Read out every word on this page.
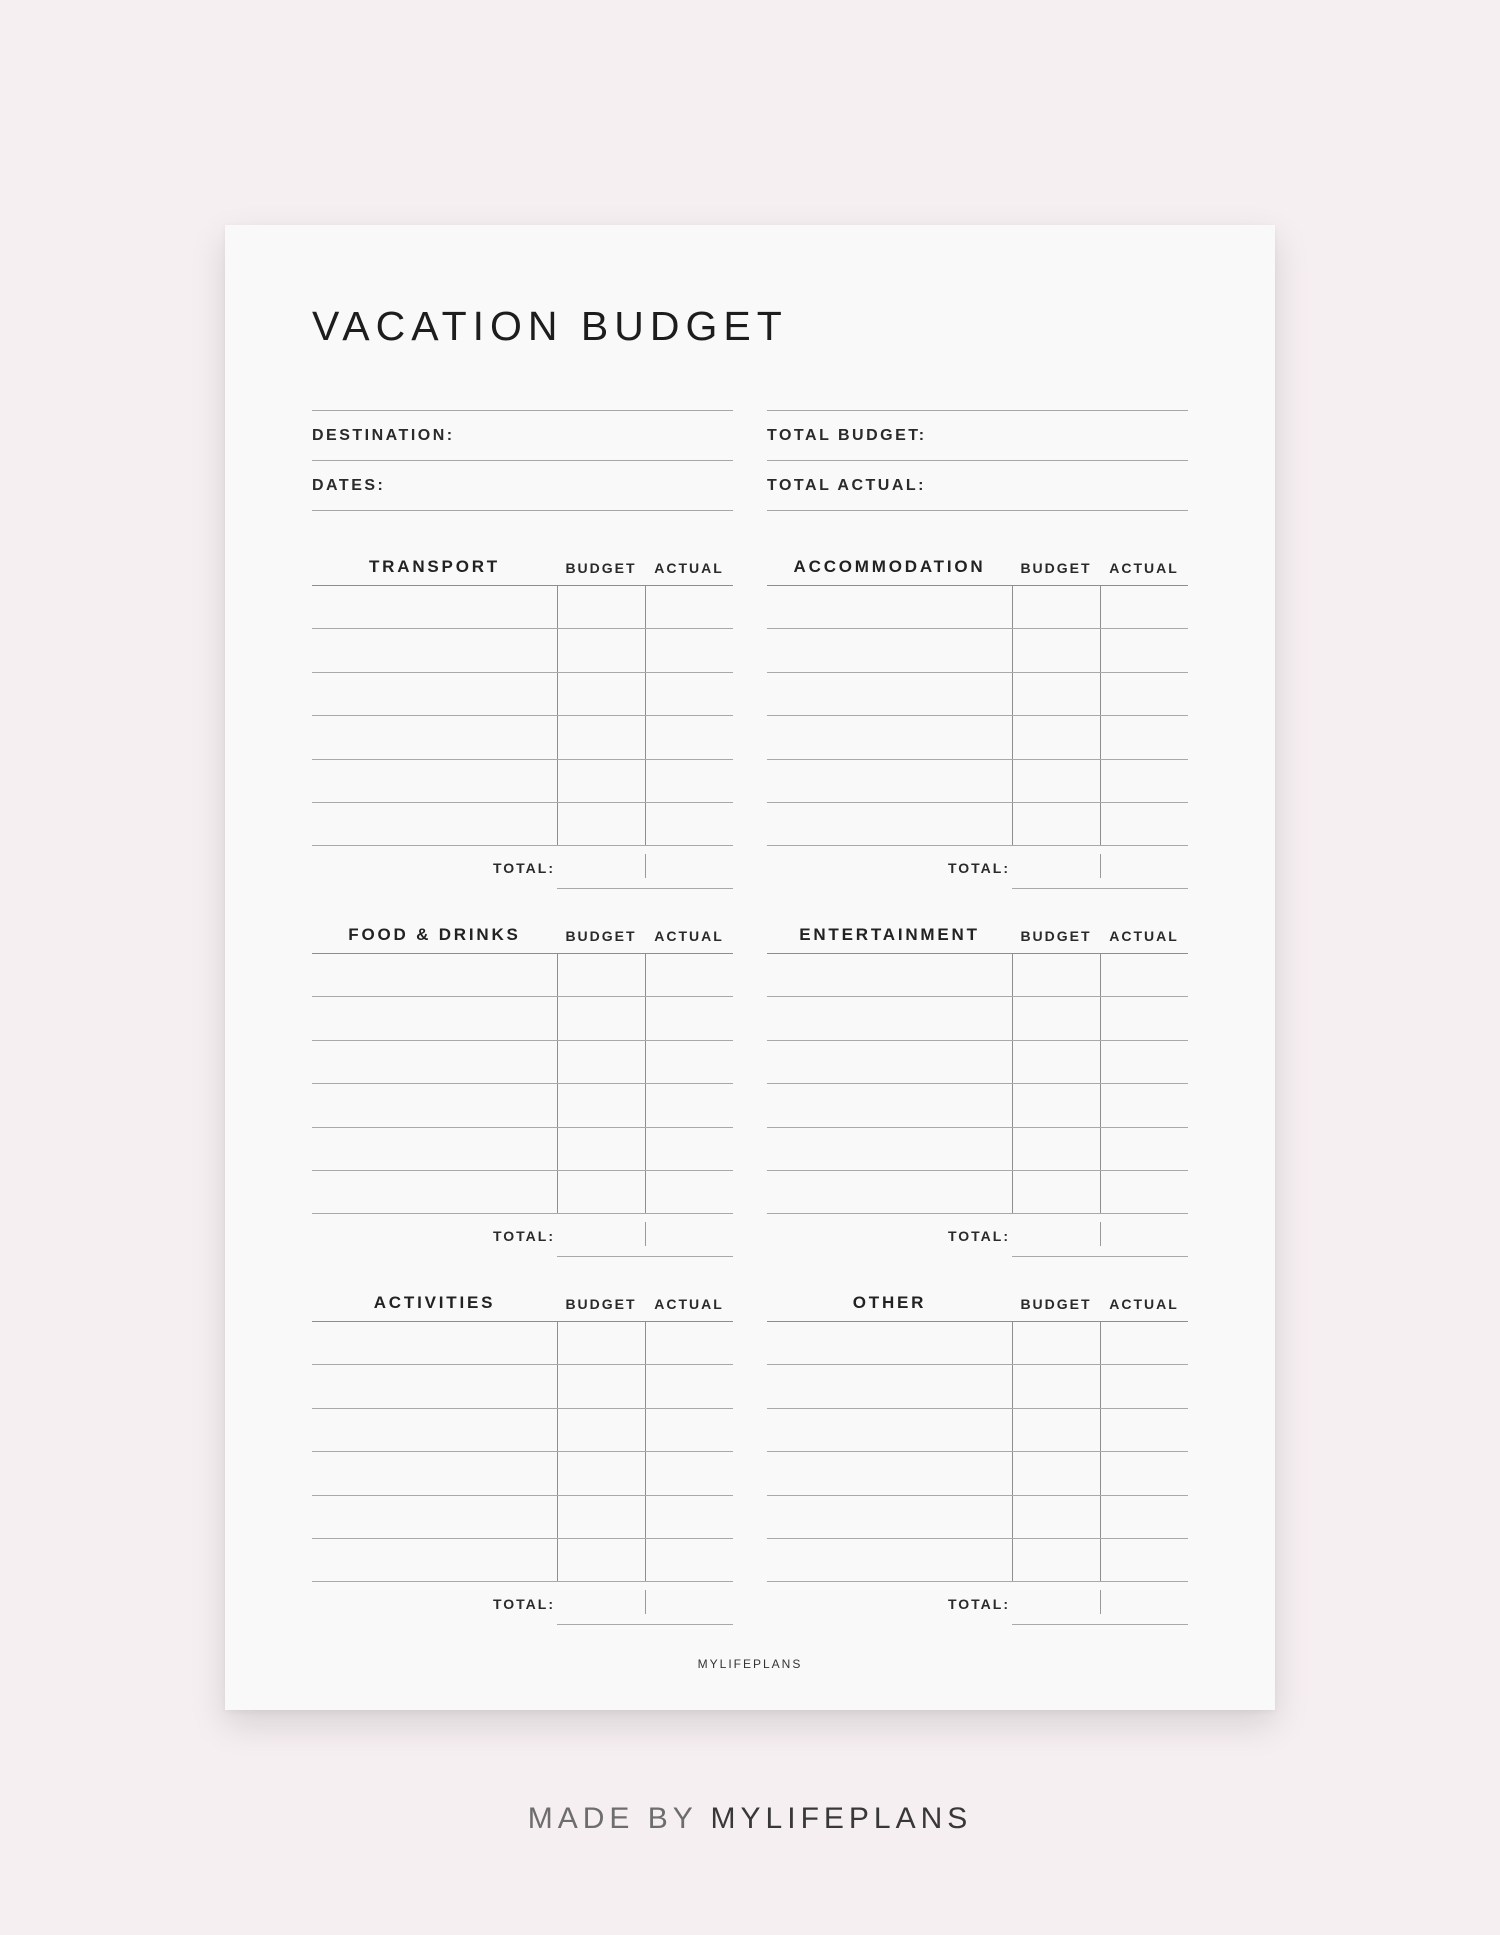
VACATION BUDGET
DESTINATION:
DATES:
TOTAL BUDGET:
TOTAL ACTUAL:
TRANSPORT	BUDGET	ACTUAL
TOTAL:
ACCOMMODATION	BUDGET	ACTUAL
TOTAL:
FOOD & DRINKS	BUDGET	ACTUAL
TOTAL:
ENTERTAINMENT	BUDGET	ACTUAL
TOTAL:
ACTIVITIES	BUDGET	ACTUAL
TOTAL:
OTHER	BUDGET	ACTUAL
TOTAL:
MYLIFEPLANS
MADE BY MYLIFEPLANS
